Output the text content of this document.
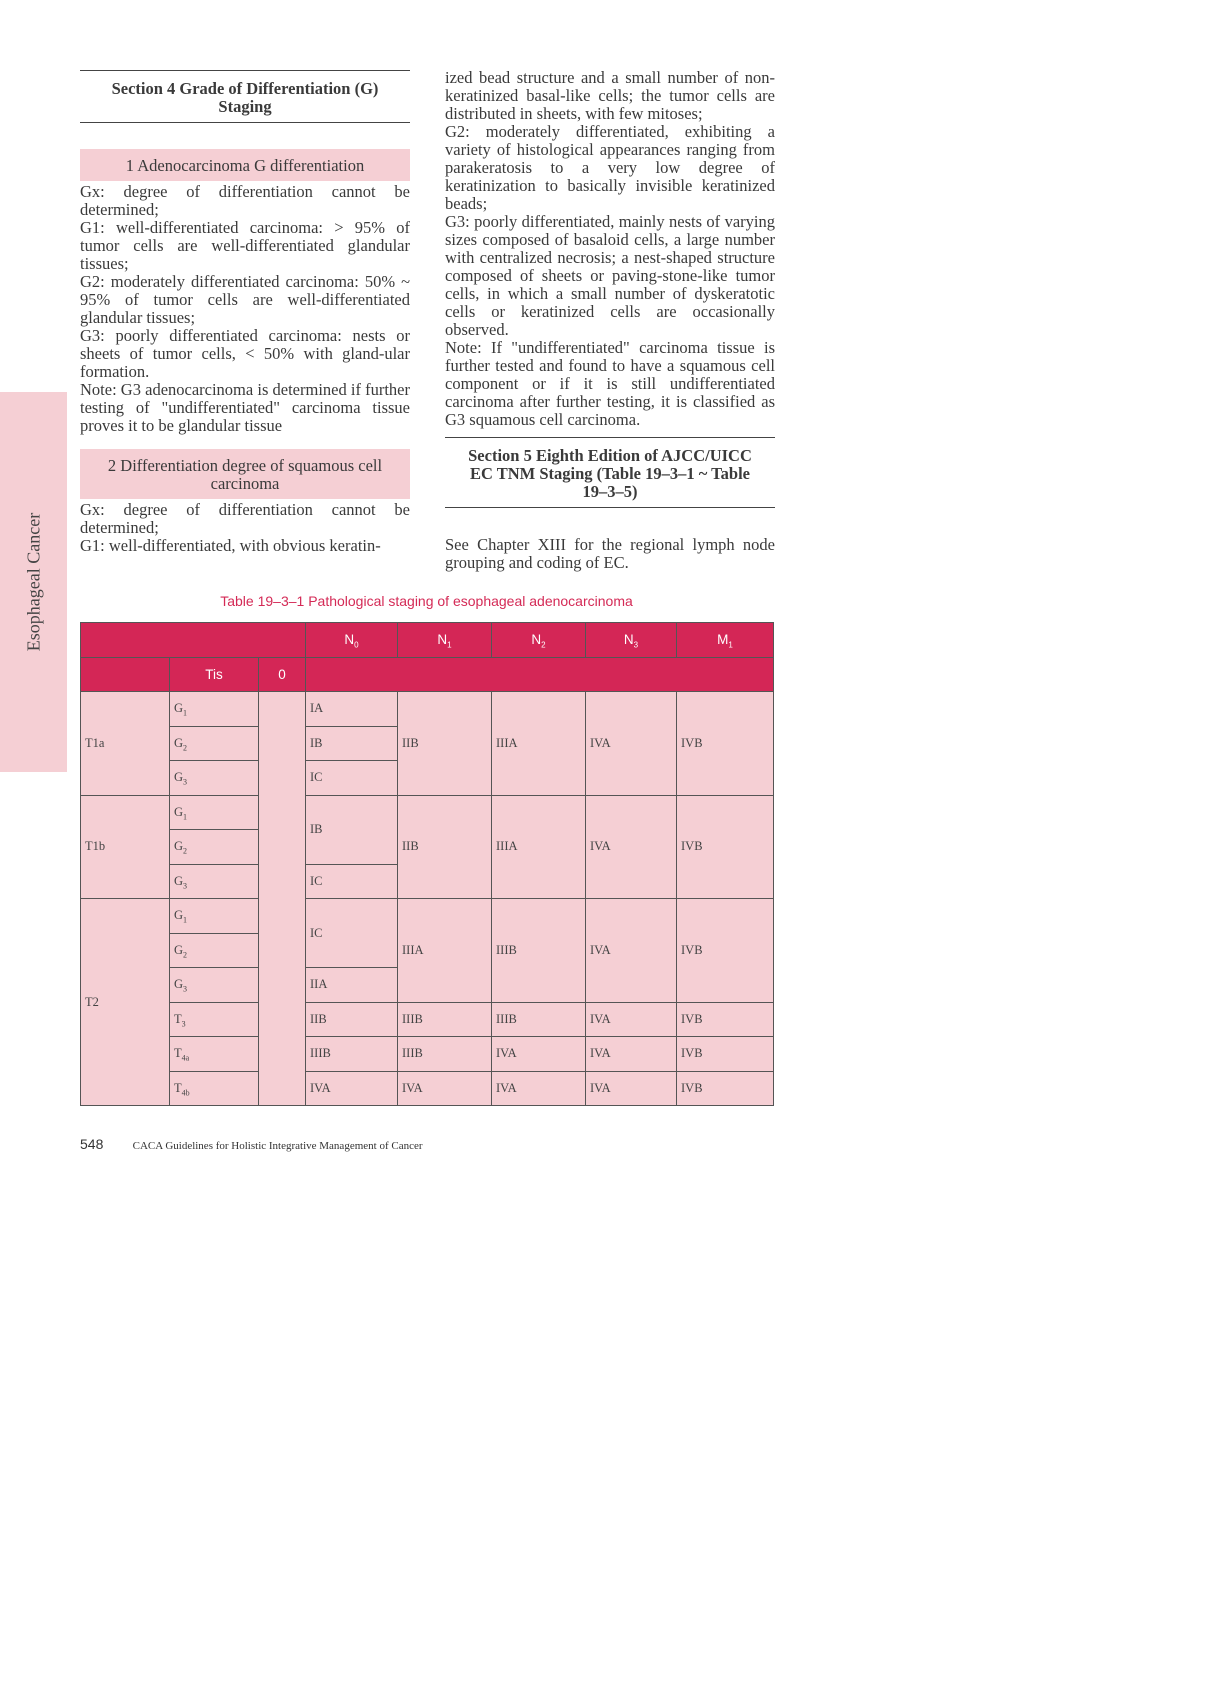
Esophageal Cancer
Section 4 Grade of Differentiation (G) Staging
1 Adenocarcinoma G differentiation

Gx: degree of differentiation cannot be determined;

G1: well-differentiated carcinoma: > 95% of tumor cells are well-differentiated glandular tissues;

G2: moderately differentiated carcinoma: 50% ~ 95% of tumor cells are well-differentiated glandular tissues;

G3: poorly differentiated carcinoma: nests or sheets of tumor cells, < 50% with gland-ular formation.

Note: G3 adenocarcinoma is determined if further testing of "undifferentiated" carcinoma tissue proves it to be glandular tissue

2 Differentiation degree of squamous cell carcinoma

Gx: degree of differentiation cannot be determined;

G1: well-differentiated, with obvious keratin-

ized bead structure and a small number of non-keratinized basal-like cells; the tumor cells are distributed in sheets, with few mitoses;

G2: moderately differentiated, exhibiting a variety of histological appearances ranging from parakeratosis to a very low degree of keratinization to basically invisible keratinized beads;

G3: poorly differentiated, mainly nests of varying sizes composed of basaloid cells, a large number with centralized necrosis; a nest-shaped structure composed of sheets or paving-stone-like tumor cells, in which a small number of dyskeratotic cells or keratinized cells are occasionally observed.

Note: If "undifferentiated" carcinoma tissue is further tested and found to have a squamous cell component or if it is still undifferentiated carcinoma after further testing, it is classified as G3 squamous cell carcinoma.

Section 5 Eighth Edition of AJCC/UICC EC TNM Staging (Table 19–3–1 ~ Table 19–3–5)

See Chapter XIII for the regional lymph node grouping and coding of EC.

Table 19–3–1 Pathological staging of esophageal adenocarcinoma
			$N_0$	$N_1$	$N_2$	$N_3$	$M_1$
	Tis	0					
T1a	$G_1$		IA	IIB	IIIA	IVA	IVB
	$G_2$		IB				
	$G_3$		IC				
T1b	$G_1$		IB	IIB	IIIA	IVA	IVB
	$G_2$
	$G_3$		IC				
T2	$G_1$		IC	IIIA	IIIB	IVA	IVB
	$G_2$
	$G_3$		IIA				
	$T_3$		IIB	IIIB	IIIB	IVA	IVB
	$T_{4a}$		IIIB	IIIB	IVA	IVA	IVB
	$T_{4b}$		IVA	IVA	IVA	IVA	IVB
548	CACA Guidelines for Holistic Integrative Management of Cancer
